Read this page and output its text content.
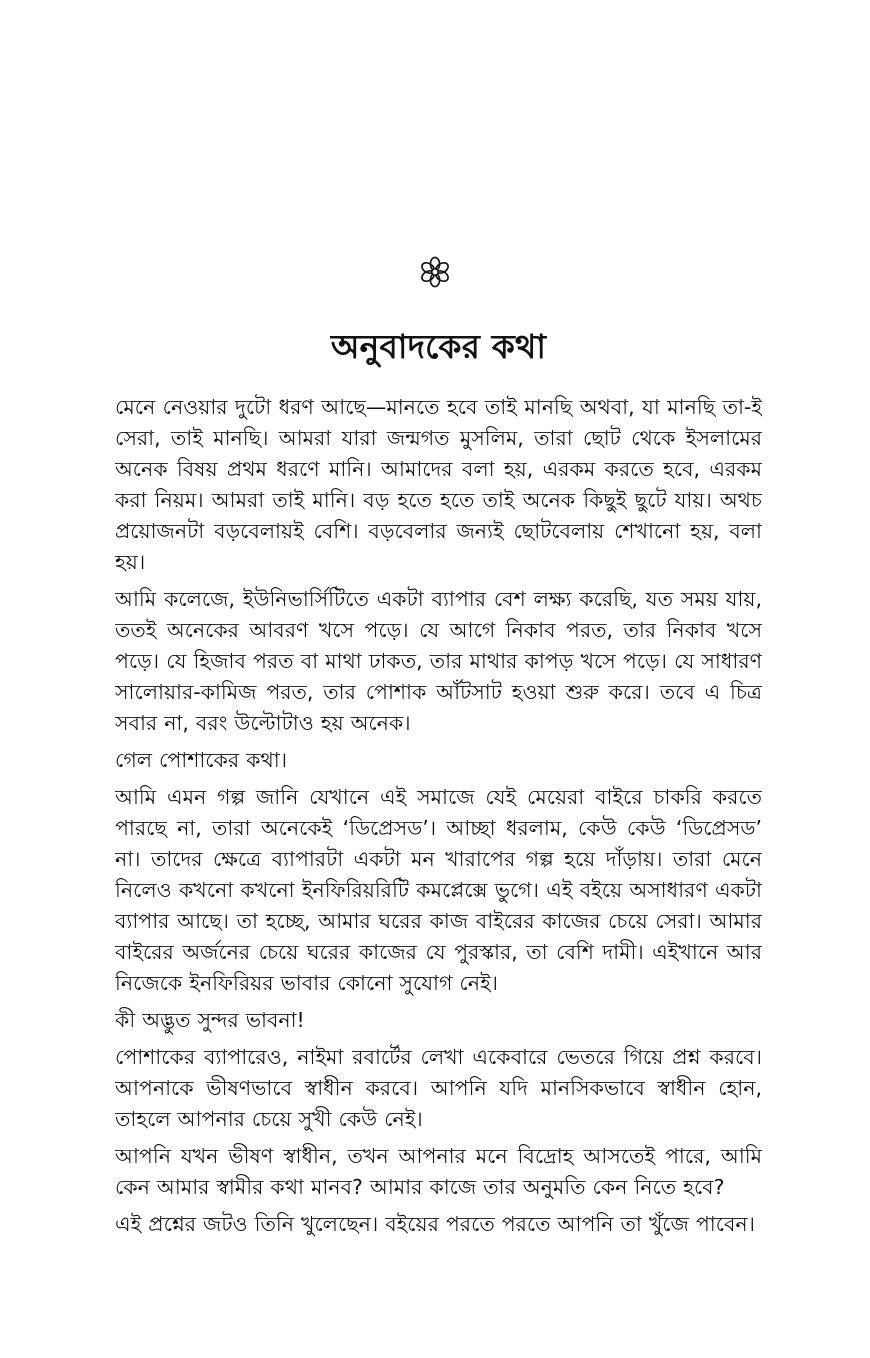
অনুবাদকের কথা

মেনে নেওয়ার দুটো ধরণ আছে—মানতে হবে তাই মানছি অথবা, যা মানছি তা-ই সেরা, তাই মানছি। আমরা যারা জন্মগত মুসলিম, তারা ছোট থেকে ইসলামের অনেক বিষয় প্রথম ধরণে মানি। আমাদের বলা হয়, এরকম করতে হবে, এরকম করা নিয়ম। আমরা তাই মানি। বড় হতে হতে তাই অনেক কিছুই ছুটে যায়। অথচ প্রয়োজনটা বড়বেলায়ই বেশি। বড়বেলার জন্যই ছোটবেলায় শেখানো হয়, বলা হয়।

আমি কলেজে, ইউনিভার্সিটিতে একটা ব্যাপার বেশ লক্ষ্য করেছি, যত সময় যায়, ততই অনেকের আবরণ খসে পড়ে। যে আগে নিকাব পরত, তার নিকাব খসে পড়ে। যে হিজাব পরত বা মাথা ঢাকত, তার মাথার কাপড় খসে পড়ে। যে সাধারণ সালোয়ার-কামিজ পরত, তার পোশাক আঁটসাট হওয়া শুরু করে। তবে এ চিত্র সবার না, বরং উল্টোটাও হয় অনেক।

গেল পোশাকের কথা।

আমি এমন গল্প জানি যেখানে এই সমাজে যেই মেয়েরা বাইরে চাকরি করতে পারছে না, তারা অনেকেই ‘ডিপ্রেসড’। আচ্ছা ধরলাম, কেউ কেউ ‘ডিপ্রেসড’ না। তাদের ক্ষেত্রে ব্যাপারটা একটা মন খারাপের গল্প হয়ে দাঁড়ায়। তারা মেনে নিলেও কখনো কখনো ইনফিরিয়রিটি কমপ্লেক্সে ভুগে। এই বইয়ে অসাধারণ একটা ব্যাপার আছে। তা হচ্ছে, আমার ঘরের কাজ বাইরের কাজের চেয়ে সেরা। আমার বাইরের অর্জনের চেয়ে ঘরের কাজের যে পুরস্কার, তা বেশি দামী। এইখানে আর নিজেকে ইনফিরিয়র ভাবার কোনো সুযোগ নেই।

কী অদ্ভুত সুন্দর ভাবনা!

পোশাকের ব্যাপারেও, নাইমা রবার্টের লেখা একেবারে ভেতরে গিয়ে প্রশ্ন করবে। আপনাকে ভীষণভাবে স্বাধীন করবে। আপনি যদি মানসিকভাবে স্বাধীন হোন, তাহলে আপনার চেয়ে সুখী কেউ নেই।

আপনি যখন ভীষণ স্বাধীন, তখন আপনার মনে বিদ্রোহ আসতেই পারে, আমি কেন আমার স্বামীর কথা মানব? আমার কাজে তার অনুমতি কেন নিতে হবে?

এই প্রশ্নের জটও তিনি খুলেছেন। বইয়ের পরতে পরতে আপনি তা খুঁজে পাবেন।
